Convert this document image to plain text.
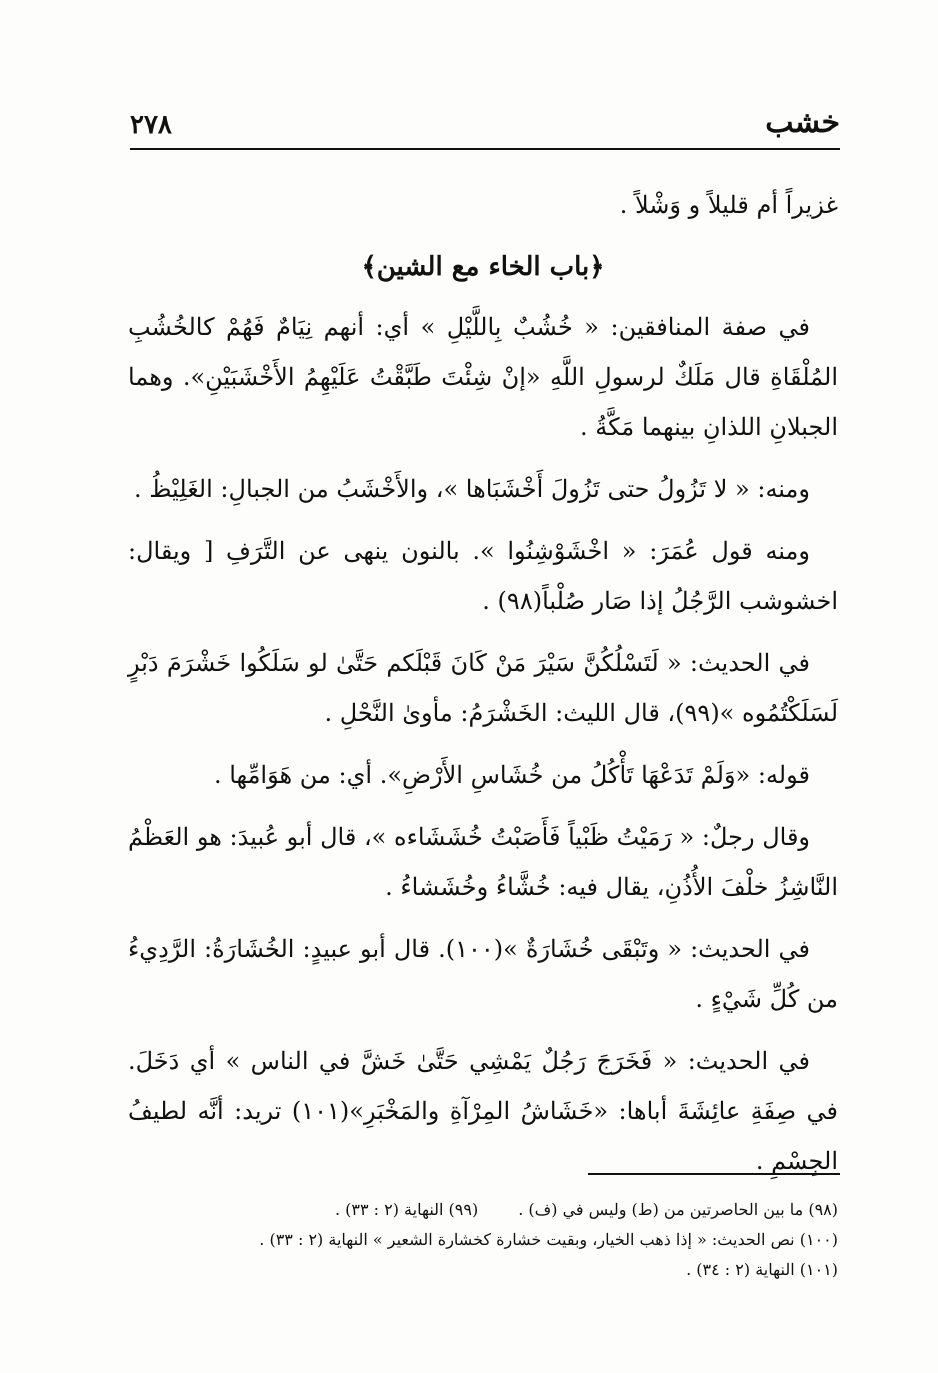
خشب
٢٧٨

غزيراً أم قليلاً و وَشْلاً .

﴿باب الخاء مع الشين﴾

في صفة المنافقين: « خُشُبٌ بِاللَّيْلِ » أي: أنهم نِيَامٌ فَهُمْ كالخُشُبِ المُلْقَاةِ قال مَلَكٌ لرسولِ اللَّهِ «إنْ شِئْتَ طَبَّقْتُ عَلَيْهِمُ الأَخْشَبَيْنِ». وهما الجبلانِ اللذانِ بينهما مَكَّةُ .

ومنه: « لا تَزُولُ حتى تَزُولَ أَخْشَبَاها »، والأَخْشَبُ من الجبالِ: الغَلِيْظُ .

ومنه قول عُمَرَ: « اخْشَوْشِنُوا ». بالنون ينهى عن التَّرَفِ [ ويقال: اخشوشب الرَّجُلُ إذا صَار صُلْباً(٩٨) .

في الحديث: « لَتَسْلُكُنَّ سَيْرَ مَنْ كَانَ قَبْلَكم حَتَّىٰ لو سَلَكُوا خَشْرَمَ دَبْرٍ لَسَلَكْتُمُوه »(٩٩)، قال الليث: الخَشْرَمُ: مأوىٰ النَّحْلِ .

قوله: «وَلَمْ تَدَعْهَا تَأْكُلُ من خُشَاسِ الأَرْضِ». أي: من هَوَامِّها .

وقال رجلٌ: « رَمَيْتُ ظَبْياً فَأَصَبْتُ خُشَشَاءه »، قال أبو عُبيدَ: هو العَظْمُ النَّاشِزُ خلْفَ الأُذُنِ، يقال فيه: خُشَّاءُ وخُشَشاءُ .

في الحديث: « وتَبْقَى خُشَارَةٌ »(١٠٠). قال أبو عبيدٍ: الخُشَارَةُ: الرَّدِيءُ من كُلِّ شَيْءٍ .

في الحديث: « فَخَرَجَ رَجُلٌ يَمْشِي حَتَّىٰ خَشَّ في الناس » أي دَخَلَ. في صِفَةِ عائِشَةَ أباها: «خَشَاشُ المِرْآةِ والمَخْبَرِ»(١٠١) تريد: أنَّه لطيفُ الجِسْمِ .

(٩٨) ما بين الحاصرتين من (ط) وليس في (ف) .
(٩٩) النهاية (٢ : ٣٣) .
(١٠٠) نص الحديث: « إذا ذهب الخيار، وبقيت خشارة كخشارة الشعير » النهاية (٢ : ٣٣) .
(١٠١) النهاية (٢ : ٣٤) .
